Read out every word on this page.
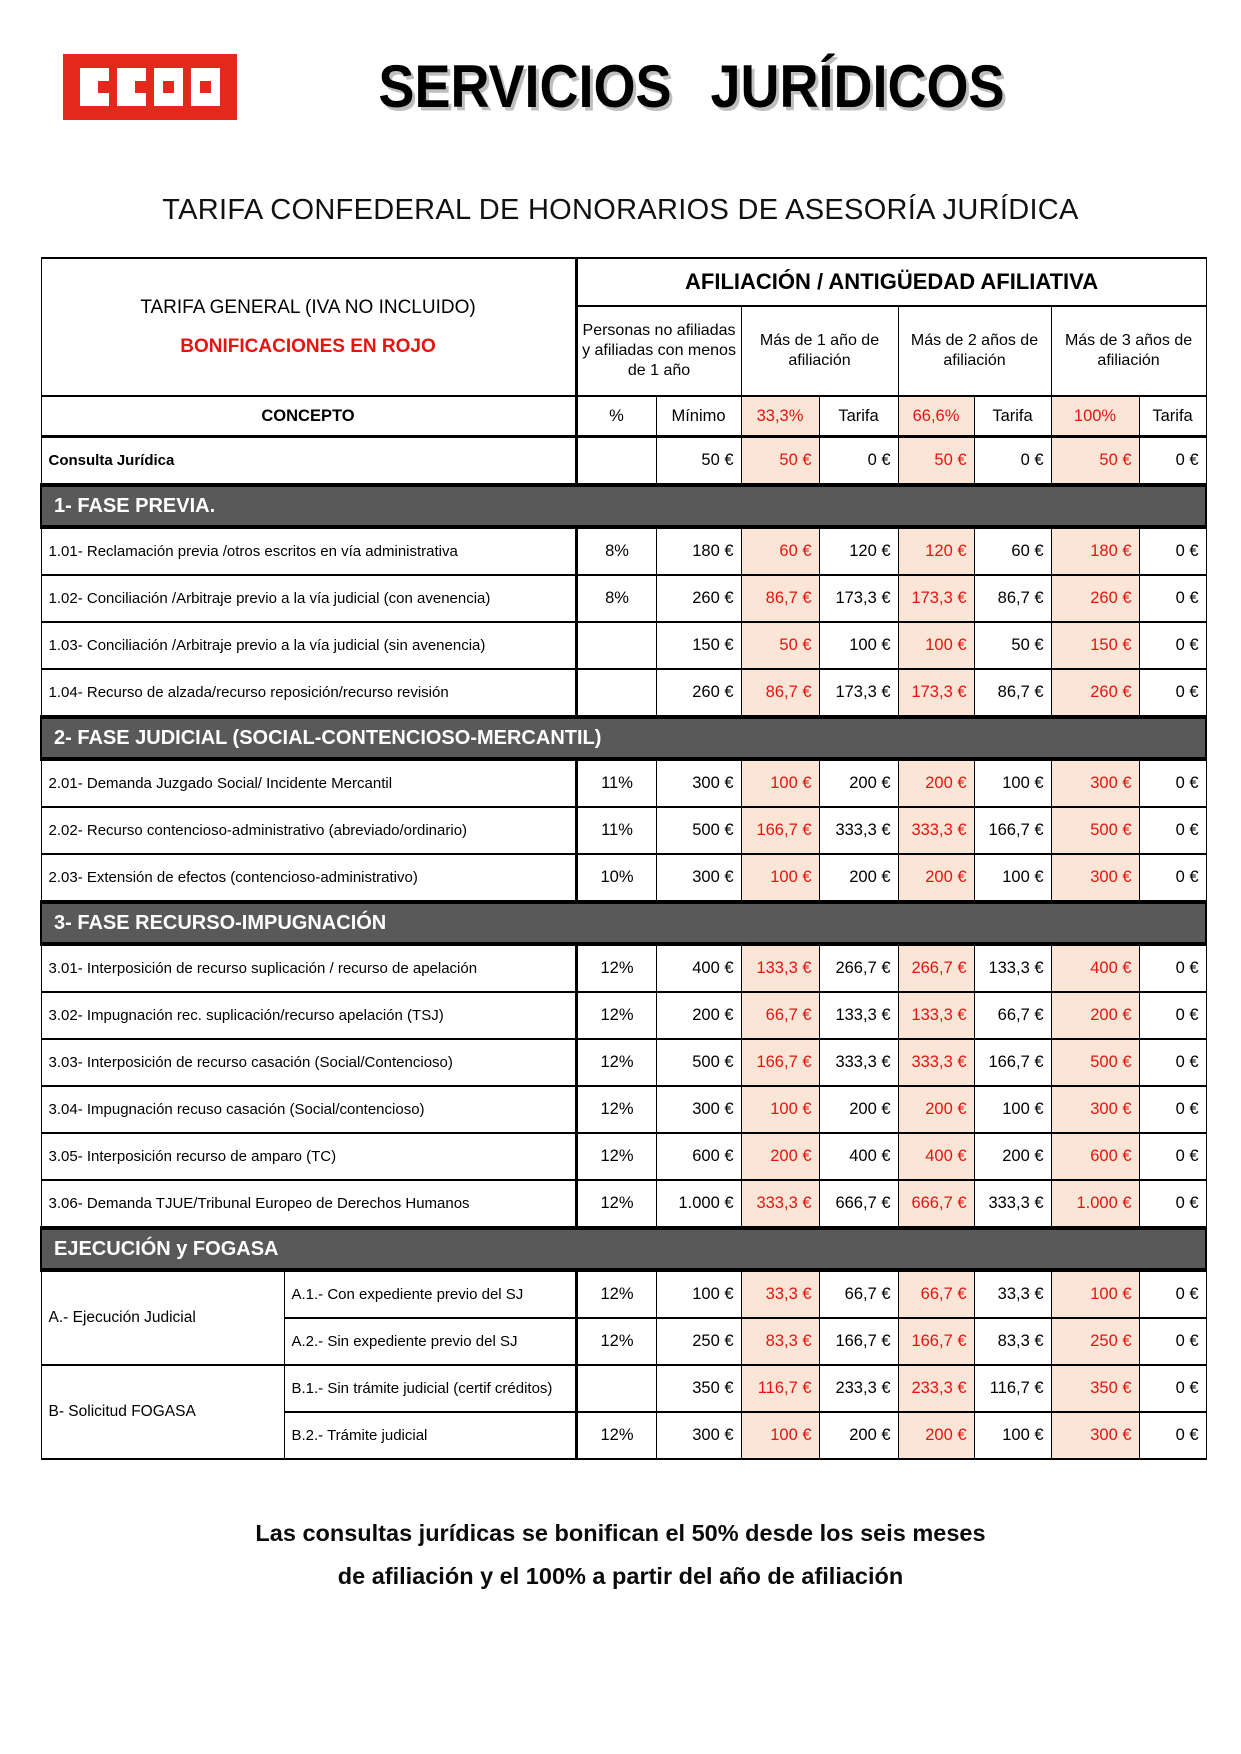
SERVICIOS JURÍDICOS
TARIFA CONFEDERAL DE HONORARIOS DE ASESORÍA JURÍDICA
TARIFA GENERAL (IVA NO INCLUIDO)
BONIFICACIONES EN ROJO		AFILIACIÓN / ANTIGÜEDAD AFILIATIVA							
		Personas no afiliadas y afiliadas con menos de 1 año		Más de 1 año de afiliación		Más de 2 años de afiliación		Más de 3 años de afiliación	
CONCEPTO		%	Mínimo	33,3%	Tarifa	66,6%	Tarifa	100%	Tarifa
Consulta Jurídica			50 €	50 €	0 €	50 €	0 €	50 €	0 €
1- FASE PREVIA.									
1.01- Reclamación previa /otros escritos en vía administrativa		8%	180 €	60 €	120 €	120 €	60 €	180 €	0 €
1.02- Conciliación /Arbitraje previo a la vía judicial (con avenencia)		8%	260 €	86,7 €	173,3 €	173,3 €	86,7 €	260 €	0 €
1.03- Conciliación /Arbitraje previo a la vía judicial (sin avenencia)			150 €	50 €	100 €	100 €	50 €	150 €	0 €
1.04- Recurso de alzada/recurso reposición/recurso revisión			260 €	86,7 €	173,3 €	173,3 €	86,7 €	260 €	0 €
2- FASE JUDICIAL (SOCIAL-CONTENCIOSO-MERCANTIL)									
2.01- Demanda Juzgado Social/ Incidente Mercantil		11%	300 €	100 €	200 €	200 €	100 €	300 €	0 €
2.02- Recurso contencioso-administrativo (abreviado/ordinario)		11%	500 €	166,7 €	333,3 €	333,3 €	166,7 €	500 €	0 €
2.03- Extensión de efectos (contencioso-administrativo)		10%	300 €	100 €	200 €	200 €	100 €	300 €	0 €
3- FASE RECURSO-IMPUGNACIÓN									
3.01- Interposición de recurso suplicación / recurso de apelación		12%	400 €	133,3 €	266,7 €	266,7 €	133,3 €	400 €	0 €
3.02- Impugnación rec. suplicación/recurso apelación (TSJ)		12%	200 €	66,7 €	133,3 €	133,3 €	66,7 €	200 €	0 €
3.03- Interposición de recurso casación (Social/Contencioso)		12%	500 €	166,7 €	333,3 €	333,3 €	166,7 €	500 €	0 €
3.04- Impugnación recuso casación (Social/contencioso)		12%	300 €	100 €	200 €	200 €	100 €	300 €	0 €
3.05- Interposición recurso de amparo (TC)		12%	600 €	200 €	400 €	400 €	200 €	600 €	0 €
3.06- Demanda TJUE/Tribunal Europeo de Derechos Humanos		12%	1.000 €	333,3 €	666,7 €	666,7 €	333,3 €	1.000 €	0 €
EJECUCIÓN y FOGASA									
A.- Ejecución Judicial	A.1.- Con expediente previo del SJ	12%	100 €	33,3 €	66,7 €	66,7 €	33,3 €	100 €	0 €
	A.2.- Sin expediente previo del SJ	12%	250 €	83,3 €	166,7 €	166,7 €	83,3 €	250 €	0 €
B- Solicitud FOGASA	B.1.- Sin trámite judicial (certif créditos)		350 €	116,7 €	233,3 €	233,3 €	116,7 €	350 €	0 €
	B.2.- Trámite judicial	12%	300 €	100 €	200 €	200 €	100 €	300 €	0 €
Las consultas jurídicas se bonifican el 50% desde los seis meses
de afiliación y el 100% a partir del año de afiliación
